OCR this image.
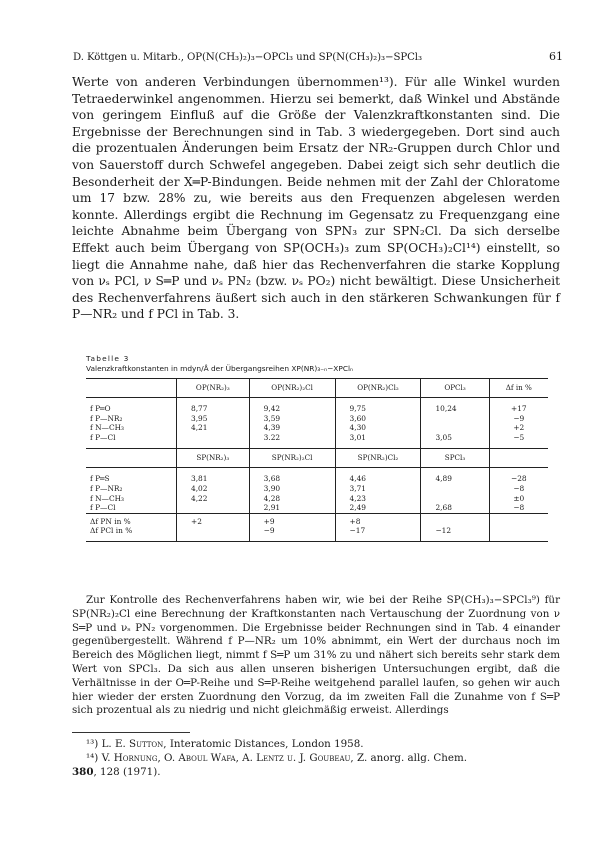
D. Köttgen u. Mitarb., OP(N(CH₃)₂)₃−OPCl₃ und SP(N(CH₃)₂)₃−SPCl₃	61

Werte von anderen Verbindungen übernommen¹³). Für alle Winkel wurden Tetraederwinkel angenommen. Hierzu sei bemerkt, daß Winkel und Abstände von geringem Einfluß auf die Größe der Valenzkraftkonstanten sind. Die Ergebnisse der Berechnungen sind in Tab. 3 wiedergegeben. Dort sind auch die prozentualen Änderungen beim Ersatz der NR₂-Gruppen durch Chlor und von Sauerstoff durch Schwefel angegeben. Dabei zeigt sich sehr deutlich die Besonderheit der X═P-Bindungen. Beide nehmen mit der Zahl der Chloratome um 17 bzw. 28% zu, wie bereits aus den Frequenzen abgelesen werden konnte. Allerdings ergibt die Rechnung im Gegensatz zu Frequenzgang eine leichte Abnahme beim Übergang von SPN₃ zur SPN₂Cl. Da sich derselbe Effekt auch beim Übergang von SP(OCH₃)₃ zum SP(OCH₃)₂Cl¹⁴) einstellt, so liegt die Annahme nahe, daß hier das Rechenverfahren die starke Kopplung von νₛ PCl, ν S═P und νₛ PN₂ (bzw. νₛ PO₂) nicht bewältigt. Diese Unsicherheit des Rechenverfahrens äußert sich auch in den stärkeren Schwankungen für f P—NR₂ und f PCl in Tab. 3.

Tabelle 3
Valenzkraftkonstanten in mdyn/Å der Übergangsreihen XP(NR)₃₋ₙ−XPClₙ
	OP(NR₂)₃	OP(NR₂)₂Cl	OP(NR₂)Cl₂	OPCl₃	Δf in %

f P═O	8,77	9,42	9,75	10,24	+17
f P—NR₂	3,95	3,59	3,60		−9
f N—CH₃	4,21	4,39	4,30		+2
f P—Cl		3.22	3,01	3,05	−5

	SP(NR₂)₃	SP(NR₂)₂Cl	SP(NR₂)Cl₂	SPCl₃	

f P═S	3,81	3,68	4,46	4,89	−28
f P—NR₂	4,02	3,90	3,71		−8
f N—CH₃	4,22	4,28	4,23		±0
f P—Cl		2,91	2,49	2,68	−8

Δf PN in %	+2	+9	+8		
Δf PCl in %		−9	−17	−12	

Zur Kontrolle des Rechenverfahrens haben wir, wie bei der Reihe SP(CH₃)₃−SPCl₃⁹) für SP(NR₂)₂Cl eine Berechnung der Kraftkonstanten nach Vertauschung der Zuordnung von ν S═P und νₛ PN₂ vorgenommen. Die Ergebnisse beider Rechnungen sind in Tab. 4 einander gegenübergestellt. Während f P—NR₂ um 10% abnimmt, ein Wert der durchaus noch im Bereich des Möglichen liegt, nimmt f S═P um 31% zu und nähert sich bereits sehr stark dem Wert von SPCl₃. Da sich aus allen unseren bisherigen Untersuchungen ergibt, daß die Verhältnisse in der O═P-Reihe und S═P-Reihe weitgehend parallel laufen, so gehen wir auch hier wieder der ersten Zuordnung den Vorzug, da im zweiten Fall die Zunahme von f S═P sich prozentual als zu niedrig und nicht gleichmäßig erweist. Allerdings

¹³) L. E. Sutton, Interatomic Distances, London 1958.
¹⁴) V. Hornung, O. Aboul Wafa, A. Lentz u. J. Goubeau, Z. anorg. allg. Chem.
380, 128 (1971).
